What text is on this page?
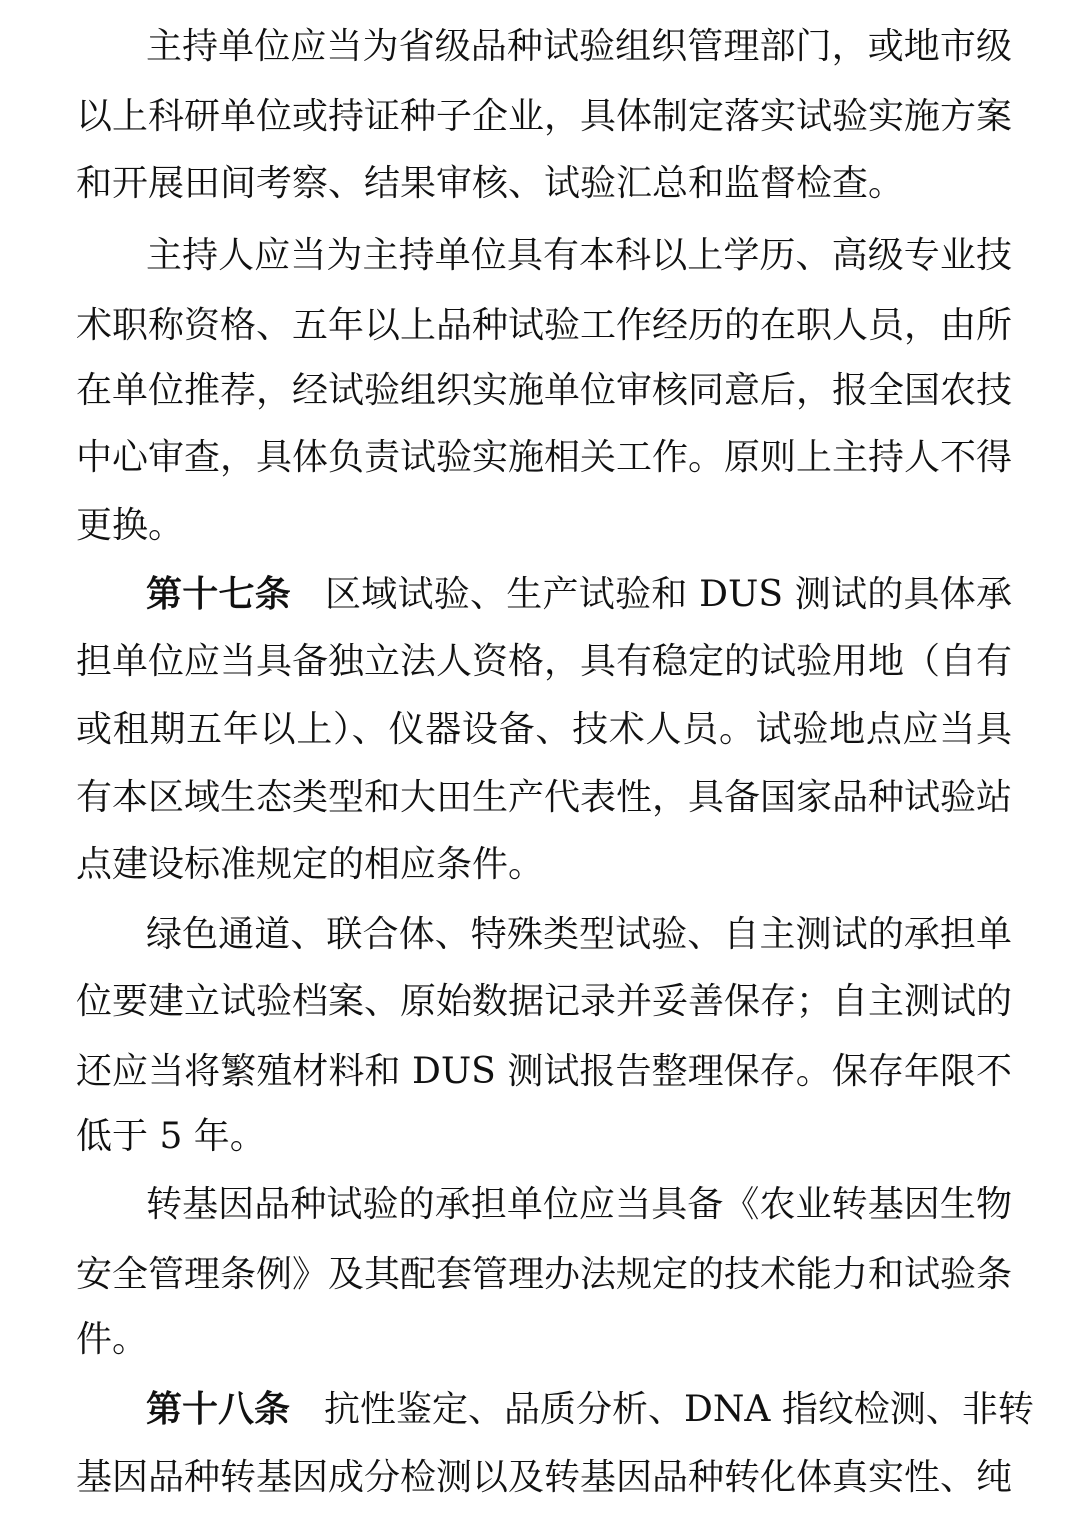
主持单位应当为省级品种试验组织管理部门，或地市级
以上科研单位或持证种子企业，具体制定落实试验实施方案
和开展田间考察、结果审核、试验汇总和监督检查。
主持人应当为主持单位具有本科以上学历、高级专业技
术职称资格、五年以上品种试验工作经历的在职人员，由所
在单位推荐，经试验组织实施单位审核同意后，报全国农技
中心审查，具体负责试验实施相关工作。原则上主持人不得
更换。
第十七条 区域试验、生产试验和 DUS 测试的具体承
担单位应当具备独立法人资格，具有稳定的试验用地（自有
或租期五年以上）、仪器设备、技术人员。试验地点应当具
有本区域生态类型和大田生产代表性，具备国家品种试验站
点建设标准规定的相应条件。
绿色通道、联合体、特殊类型试验、自主测试的承担单
位要建立试验档案、原始数据记录并妥善保存；自主测试的
还应当将繁殖材料和 DUS 测试报告整理保存。保存年限不
低于 5 年。
转基因品种试验的承担单位应当具备《农业转基因生物
安全管理条例》及其配套管理办法规定的技术能力和试验条
件。
第十八条 抗性鉴定、品质分析、DNA 指纹检测、非转
基因品种转基因成分检测以及转基因品种转化体真实性、纯
